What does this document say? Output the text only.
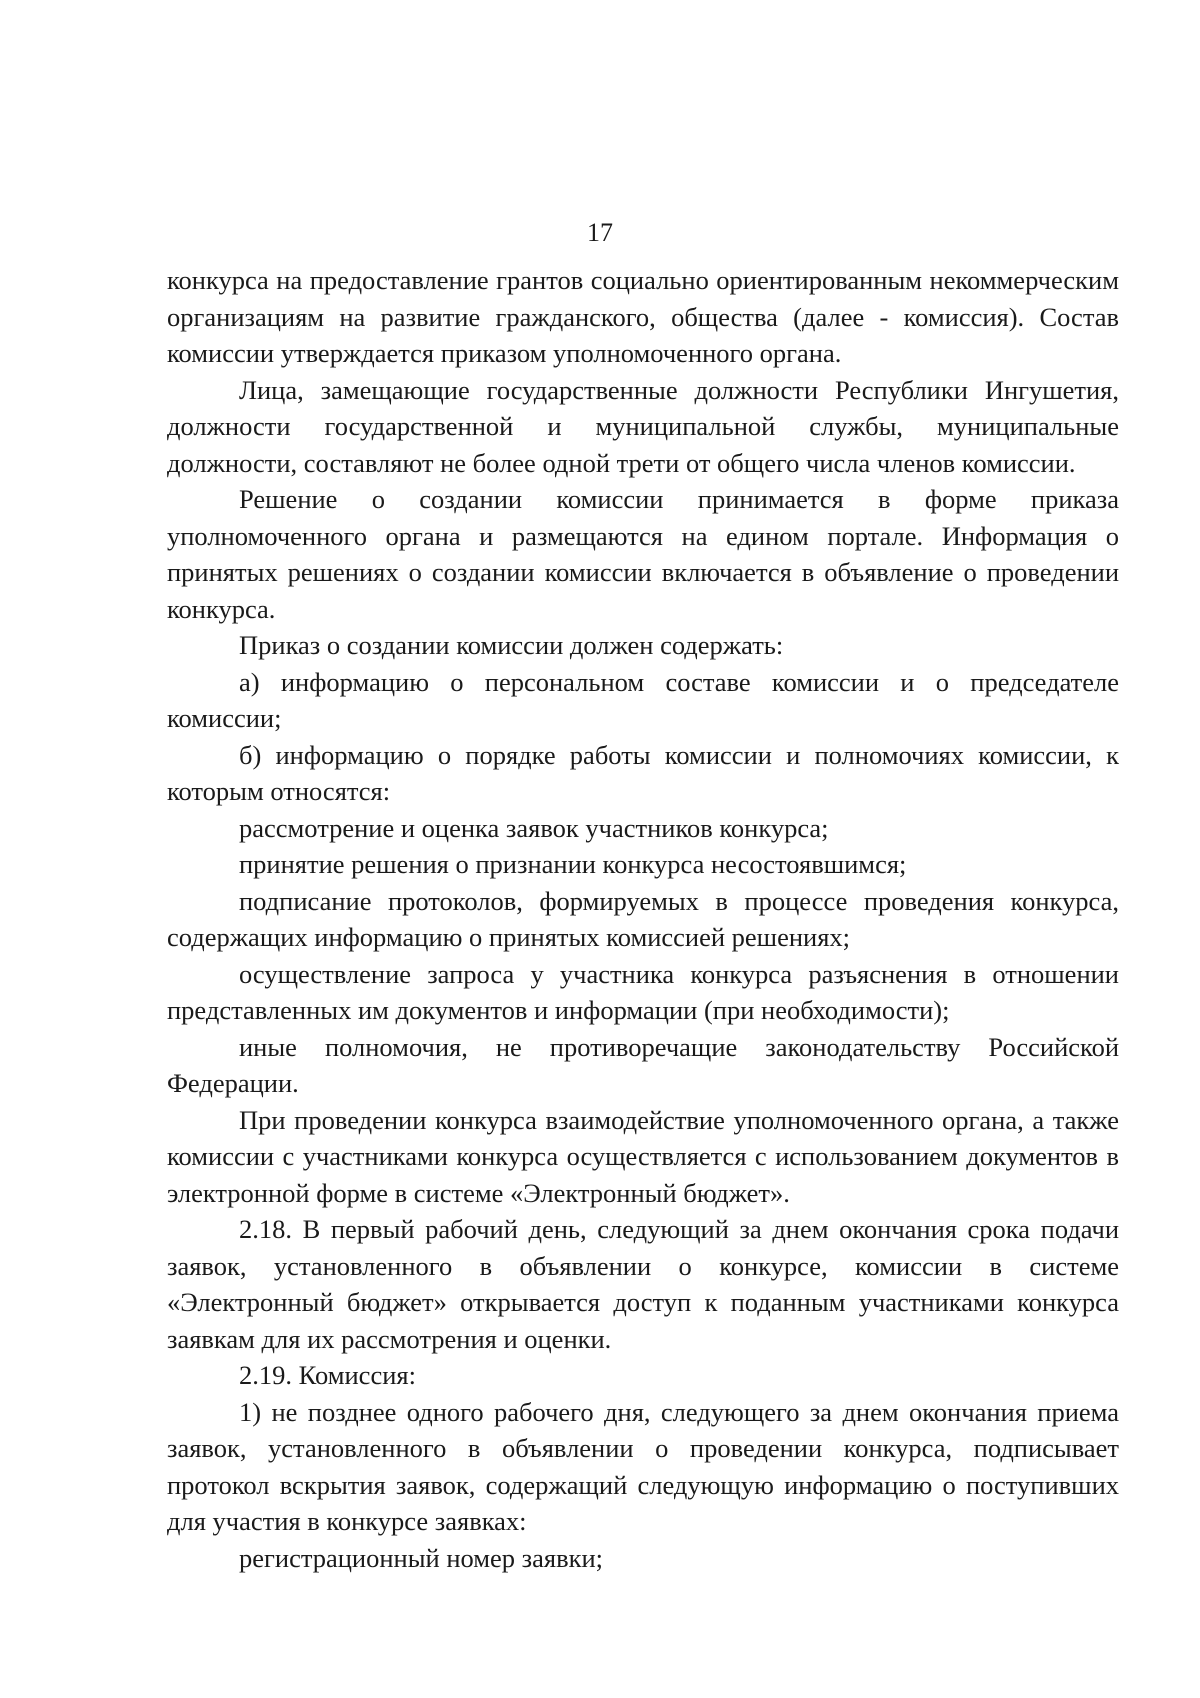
17

конкурса на предоставление грантов социально ориентированным некоммерческим организациям на развитие гражданского, общества (далее - комиссия). Состав комиссии утверждается приказом уполномоченного органа.

Лица, замещающие государственные должности Республики Ингушетия, должности государственной и муниципальной службы, муниципальные должности, составляют не более одной трети от общего числа членов комиссии.

Решение о создании комиссии принимается в форме приказа уполномоченного органа и размещаются на едином портале. Информация о принятых решениях о создании комиссии включается в объявление о проведении конкурса.

Приказ о создании комиссии должен содержать:

а) информацию о персональном составе комиссии и о председателе комиссии;

б) информацию о порядке работы комиссии и полномочиях комиссии, к которым относятся:

рассмотрение и оценка заявок участников конкурса;

принятие решения о признании конкурса несостоявшимся;

подписание протоколов, формируемых в процессе проведения конкурса, содержащих информацию о принятых комиссией решениях;

осуществление запроса у участника конкурса разъяснения в отношении представленных им документов и информации (при необходимости);

иные полномочия, не противоречащие законодательству Российской Федерации.

При проведении конкурса взаимодействие уполномоченного органа, а также комиссии с участниками конкурса осуществляется с использованием документов в электронной форме в системе «Электронный бюджет».

2.18. В первый рабочий день, следующий за днем окончания срока подачи заявок, установленного в объявлении о конкурсе, комиссии в системе «Электронный бюджет» открывается доступ к поданным участниками конкурса заявкам для их рассмотрения и оценки.

2.19. Комиссия:

1) не позднее одного рабочего дня, следующего за днем окончания приема заявок, установленного в объявлении о проведении конкурса, подписывает протокол вскрытия заявок, содержащий следующую информацию о поступивших для участия в конкурсе заявках:

регистрационный номер заявки;
